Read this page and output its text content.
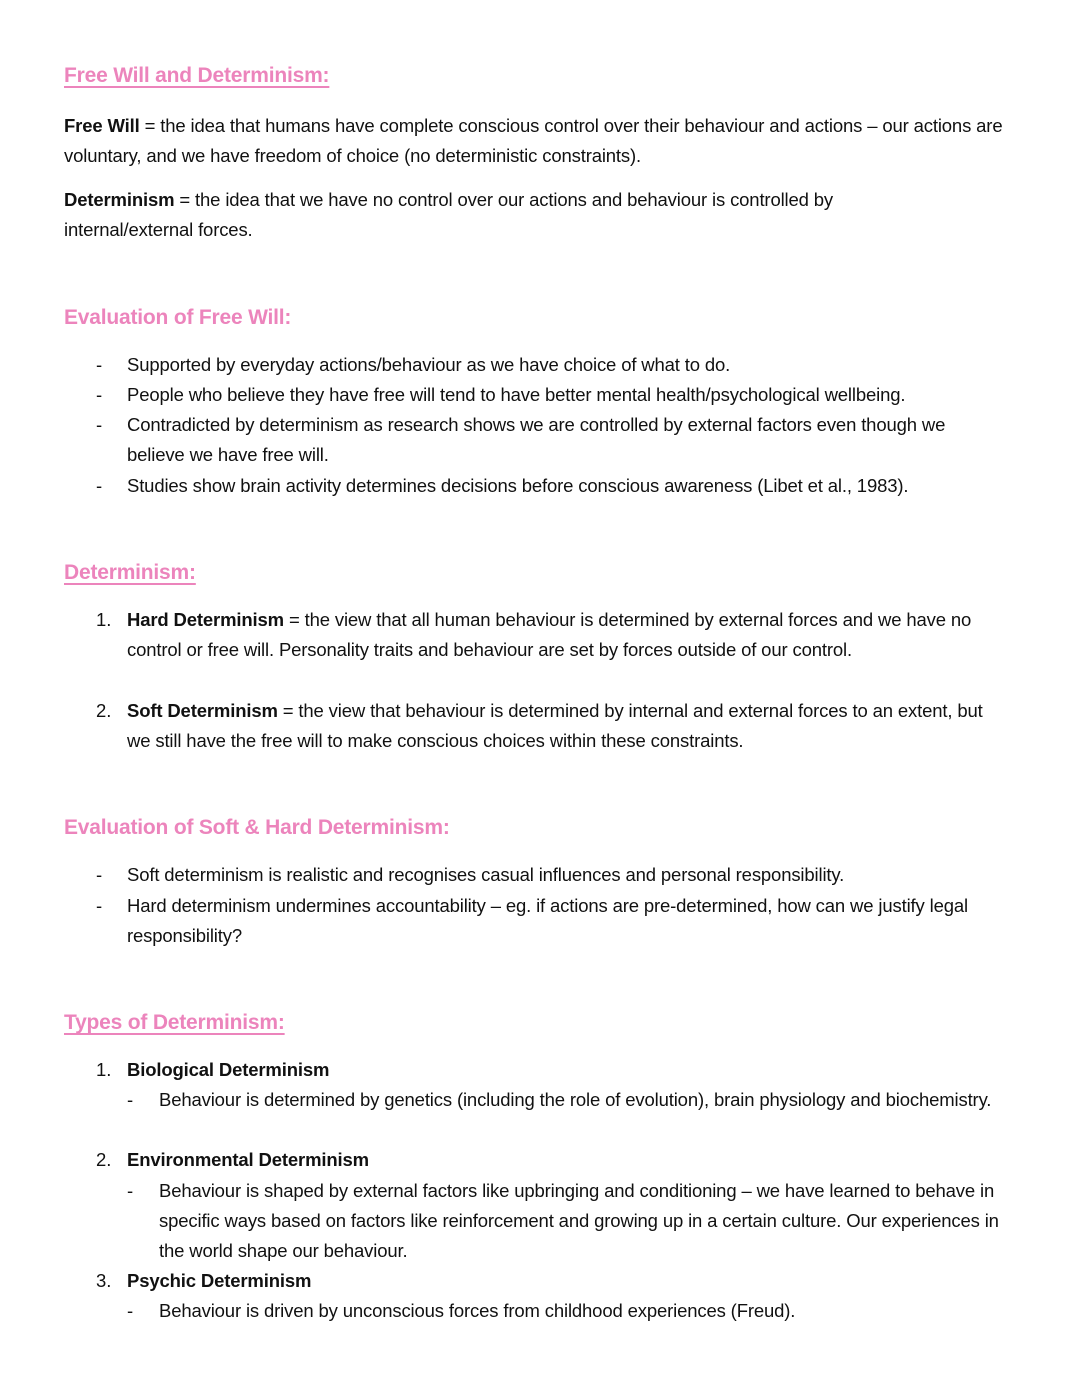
Free Will and Determinism:
Free Will = the idea that humans have complete conscious control over their behaviour and actions – our actions are voluntary, and we have freedom of choice (no deterministic constraints).
Determinism = the idea that we have no control over our actions and behaviour is controlled by internal/external forces.
Evaluation of Free Will:
- Supported by everyday actions/behaviour as we have choice of what to do.
- People who believe they have free will tend to have better mental health/psychological wellbeing.
- Contradicted by determinism as research shows we are controlled by external factors even though we believe we have free will.
- Studies show brain activity determines decisions before conscious awareness (Libet et al., 1983).
Determinism:
1. Hard Determinism = the view that all human behaviour is determined by external forces and we have no control or free will. Personality traits and behaviour are set by forces outside of our control.
2. Soft Determinism = the view that behaviour is determined by internal and external forces to an extent, but we still have the free will to make conscious choices within these constraints.
Evaluation of Soft & Hard Determinism:
- Soft determinism is realistic and recognises casual influences and personal responsibility.
- Hard determinism undermines accountability – eg. if actions are pre-determined, how can we justify legal responsibility?
Types of Determinism:
1. Biological Determinism
- Behaviour is determined by genetics (including the role of evolution), brain physiology and biochemistry.
2. Environmental Determinism
- Behaviour is shaped by external factors like upbringing and conditioning – we have learned to behave in specific ways based on factors like reinforcement and growing up in a certain culture. Our experiences in the world shape our behaviour.
3. Psychic Determinism
- Behaviour is driven by unconscious forces from childhood experiences (Freud).
